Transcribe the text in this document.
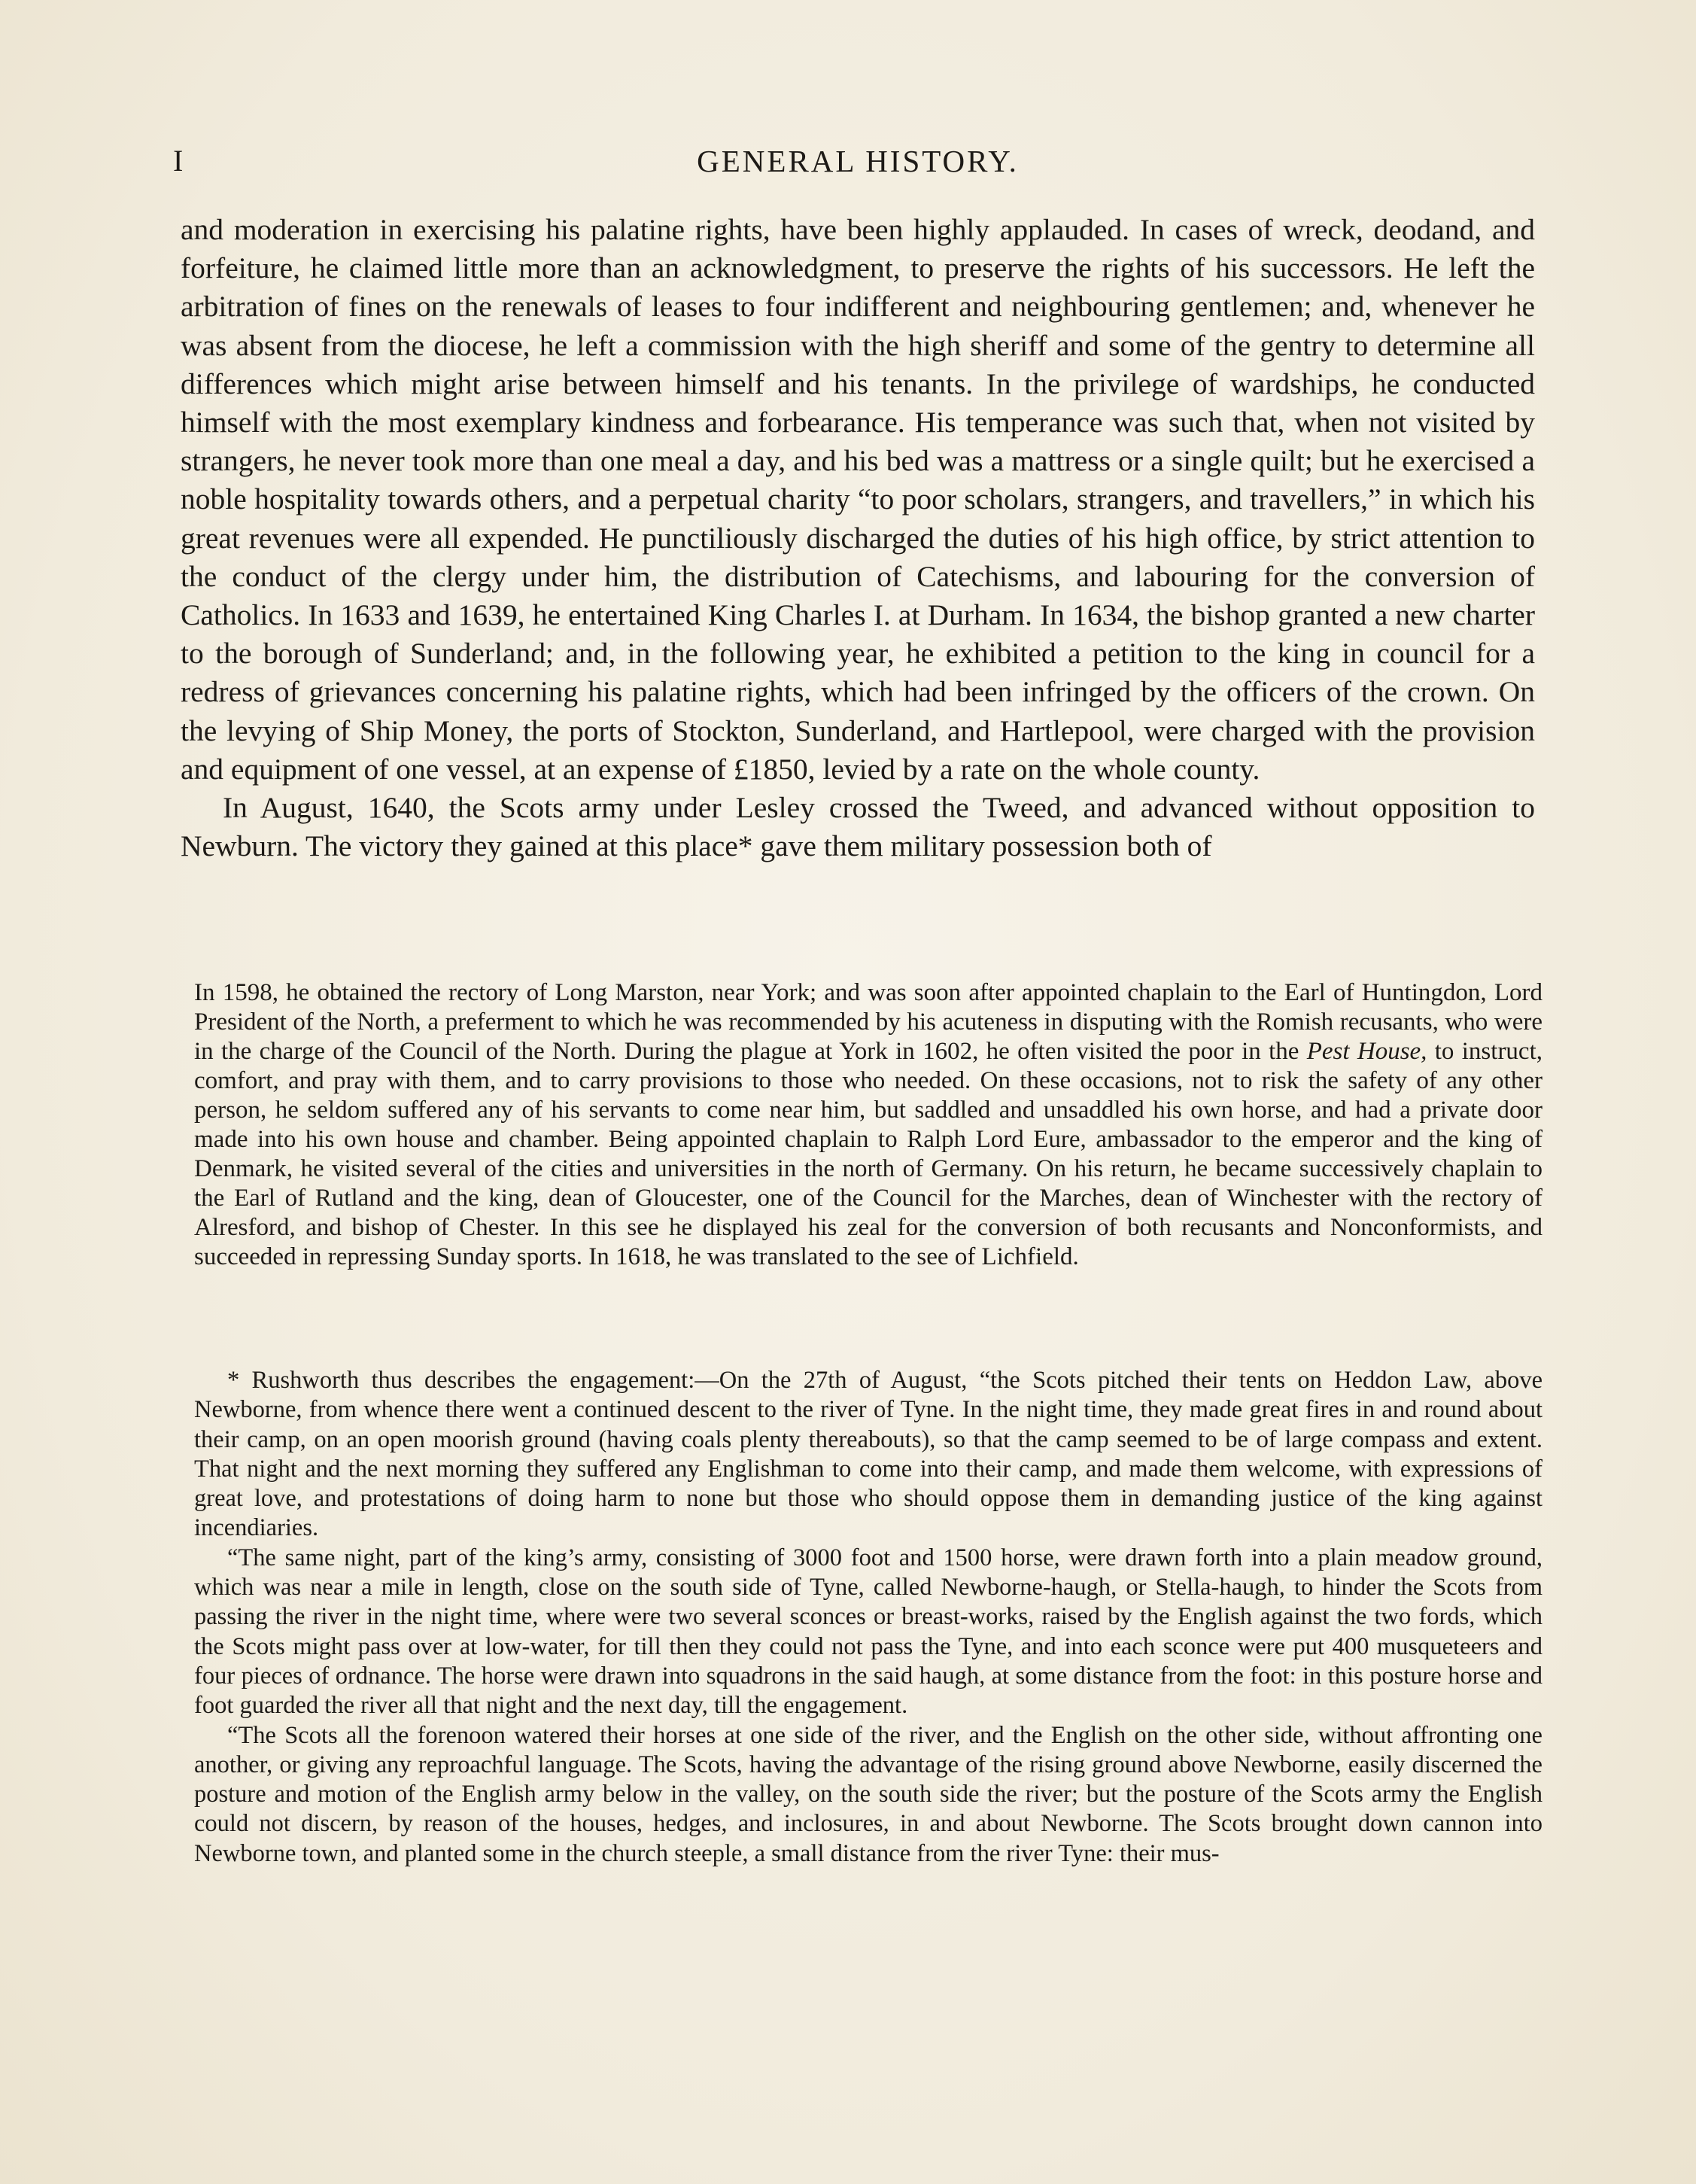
I	GENERAL HISTORY.

and moderation in exercising his palatine rights, have been highly applauded. In cases of wreck, deodand, and forfeiture, he claimed little more than an acknowledgment, to preserve the rights of his successors. He left the arbitration of fines on the renewals of leases to four indifferent and neighbouring gentlemen; and, whenever he was absent from the diocese, he left a commission with the high sheriff and some of the gentry to determine all differences which might arise between himself and his tenants. In the privilege of wardships, he conducted himself with the most exemplary kindness and forbearance. His temperance was such that, when not visited by strangers, he never took more than one meal a day, and his bed was a mattress or a single quilt; but he exercised a noble hospitality towards others, and a perpetual charity “to poor scholars, strangers, and travellers,” in which his great revenues were all expended. He punctiliously discharged the duties of his high office, by strict attention to the conduct of the clergy under him, the distribution of Catechisms, and labouring for the conversion of Catholics. In 1633 and 1639, he entertained King Charles I. at Durham. In 1634, the bishop granted a new charter to the borough of Sunderland; and, in the following year, he exhibited a petition to the king in council for a redress of grievances concerning his palatine rights, which had been infringed by the officers of the crown. On the levying of Ship Money, the ports of Stockton, Sunderland, and Hartlepool, were charged with the provision and equipment of one vessel, at an expense of £1850, levied by a rate on the whole county.

In August, 1640, the Scots army under Lesley crossed the Tweed, and advanced without opposition to Newburn. The victory they gained at this place* gave them military possession both of

In 1598, he obtained the rectory of Long Marston, near York; and was soon after appointed chaplain to the Earl of Huntingdon, Lord President of the North, a preferment to which he was recommended by his acuteness in disputing with the Romish recusants, who were in the charge of the Council of the North. During the plague at York in 1602, he often visited the poor in the Pest House, to instruct, comfort, and pray with them, and to carry provisions to those who needed. On these occasions, not to risk the safety of any other person, he seldom suffered any of his servants to come near him, but saddled and unsaddled his own horse, and had a private door made into his own house and chamber. Being appointed chaplain to Ralph Lord Eure, ambassador to the emperor and the king of Denmark, he visited several of the cities and universities in the north of Germany. On his return, he became successively chaplain to the Earl of Rutland and the king, dean of Gloucester, one of the Council for the Marches, dean of Winchester with the rectory of Alresford, and bishop of Chester. In this see he displayed his zeal for the conversion of both recusants and Nonconformists, and succeeded in repressing Sunday sports. In 1618, he was translated to the see of Lichfield.

* Rushworth thus describes the engagement:—On the 27th of August, “the Scots pitched their tents on Heddon Law, above Newborne, from whence there went a continued descent to the river of Tyne. In the night time, they made great fires in and round about their camp, on an open moorish ground (having coals plenty thereabouts), so that the camp seemed to be of large compass and extent. That night and the next morning they suffered any Englishman to come into their camp, and made them welcome, with expressions of great love, and protestations of doing harm to none but those who should oppose them in demanding justice of the king against incendiaries.

“The same night, part of the king’s army, consisting of 3000 foot and 1500 horse, were drawn forth into a plain meadow ground, which was near a mile in length, close on the south side of Tyne, called Newborne-haugh, or Stella-haugh, to hinder the Scots from passing the river in the night time, where were two several sconces or breast-works, raised by the English against the two fords, which the Scots might pass over at low-water, for till then they could not pass the Tyne, and into each sconce were put 400 musqueteers and four pieces of ordnance. The horse were drawn into squadrons in the said haugh, at some distance from the foot: in this posture horse and foot guarded the river all that night and the next day, till the engagement.

“The Scots all the forenoon watered their horses at one side of the river, and the English on the other side, without affronting one another, or giving any reproachful language. The Scots, having the advantage of the rising ground above Newborne, easily discerned the posture and motion of the English army below in the valley, on the south side the river; but the posture of the Scots army the English could not discern, by reason of the houses, hedges, and inclosures, in and about Newborne. The Scots brought down cannon into Newborne town, and planted some in the church steeple, a small distance from the river Tyne: their mus-
